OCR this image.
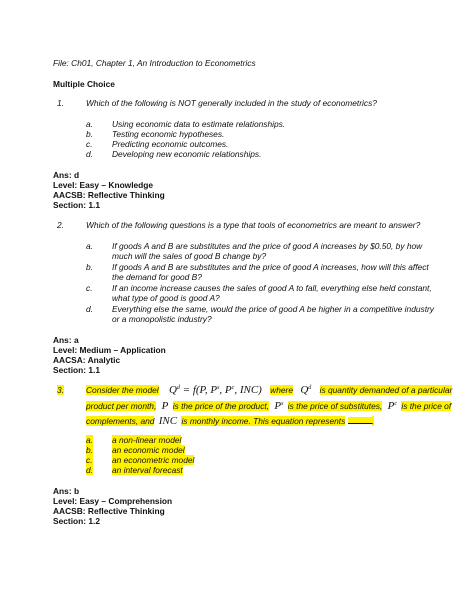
File: Ch01, Chapter 1, An Introduction to Econometrics
Multiple Choice
1.	Which of the following is NOT generally included in the study of econometrics?
a. Using economic data to estimate relationships.
b. Testing economic hypotheses.
c. Predicting economic outcomes.
d. Developing new economic relationships.
Ans: d
Level: Easy – Knowledge
AACSB: Reflective Thinking
Section: 1.1
2.	Which of the following questions is a type that tools of econometrics are meant to answer?
a. If goods A and B are substitutes and the price of good A increases by $0.50, by how
much will the sales of good B change by?
b. If goods A and B are substitutes and the price of good A increases, how will this affect
the demand for good B?
c. If an income increase causes the sales of good A to fall, everything else held constant,
what type of good is good A?
d. Everything else the same, would the price of good A be higher in a competitive industry
or a monopolistic industry?
Ans: a
Level: Medium – Application
AACSA: Analytic
Section: 1.1
3.	Consider the model $Q^d = f(P$, $P^s$, $P^c$, INC) where $Q^d$ is quantity demanded of a particular
product per month, P is the price of the product, $P^s$ is the price of substitutes, $P^c$ is the price of
complements, and INC is monthly income. This equation represents	.
a. a non-linear model
b. an economic model
c. an econometric model
d. an interval forecast
Ans: b
Level: Easy – Comprehension
AACSB: Reflective Thinking
Section: 1.2
